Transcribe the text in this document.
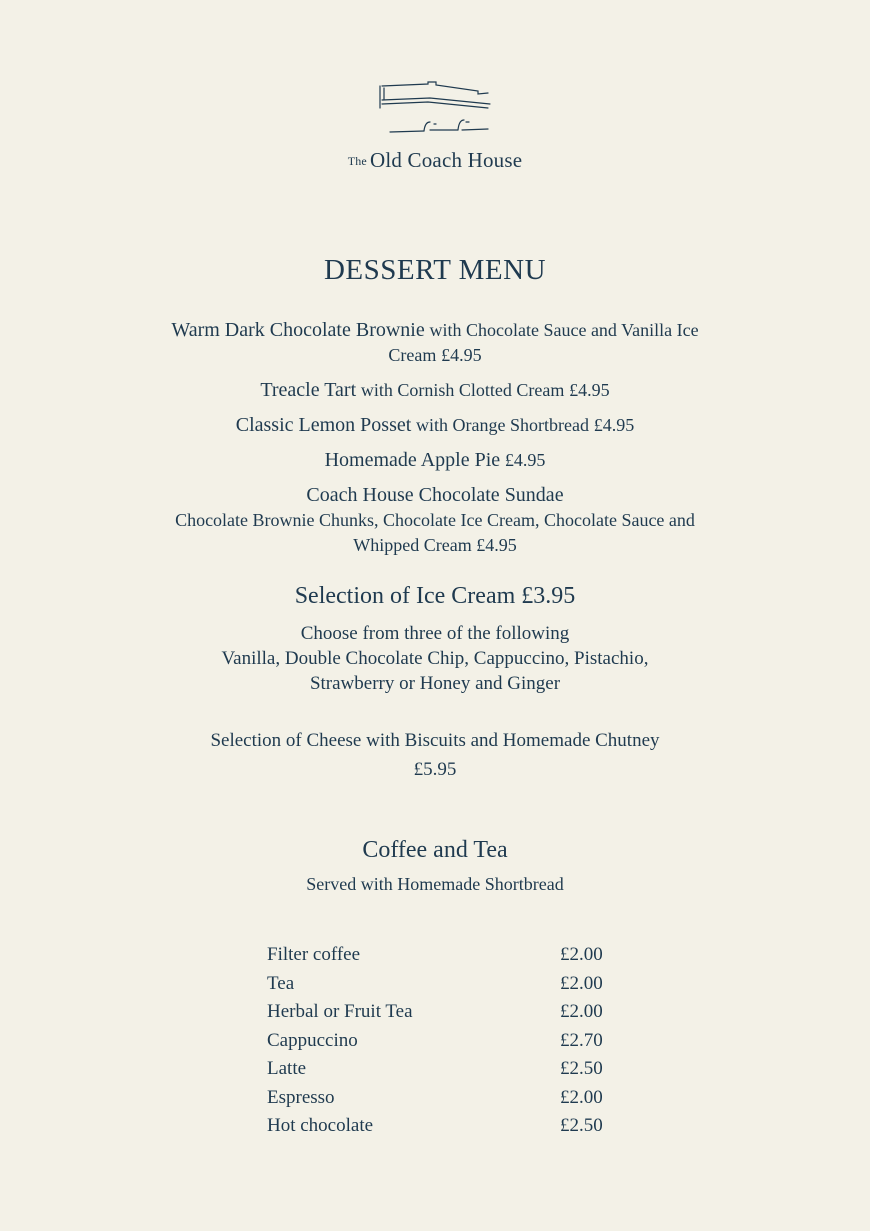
The Old Coach House
DESSERT MENU
Warm Dark Chocolate Brownie with Chocolate Sauce and Vanilla Ice Cream £4.95
Treacle Tart with Cornish Clotted Cream £4.95
Classic Lemon Posset with Orange Shortbread £4.95
Homemade Apple Pie £4.95
Coach House Chocolate Sundae
Chocolate Brownie Chunks, Chocolate Ice Cream, Chocolate Sauce and Whipped Cream £4.95
Selection of Ice Cream £3.95
Choose from three of the following
Vanilla, Double Chocolate Chip, Cappuccino, Pistachio,
Strawberry or Honey and Ginger
Selection of Cheese with Biscuits and Homemade Chutney
£5.95
Coffee and Tea
Served with Homemade Shortbread
Filter coffee	£2.00
Tea	£2.00
Herbal or Fruit Tea	£2.00
Cappuccino	£2.70
Latte	£2.50
Espresso	£2.00
Hot chocolate	£2.50
